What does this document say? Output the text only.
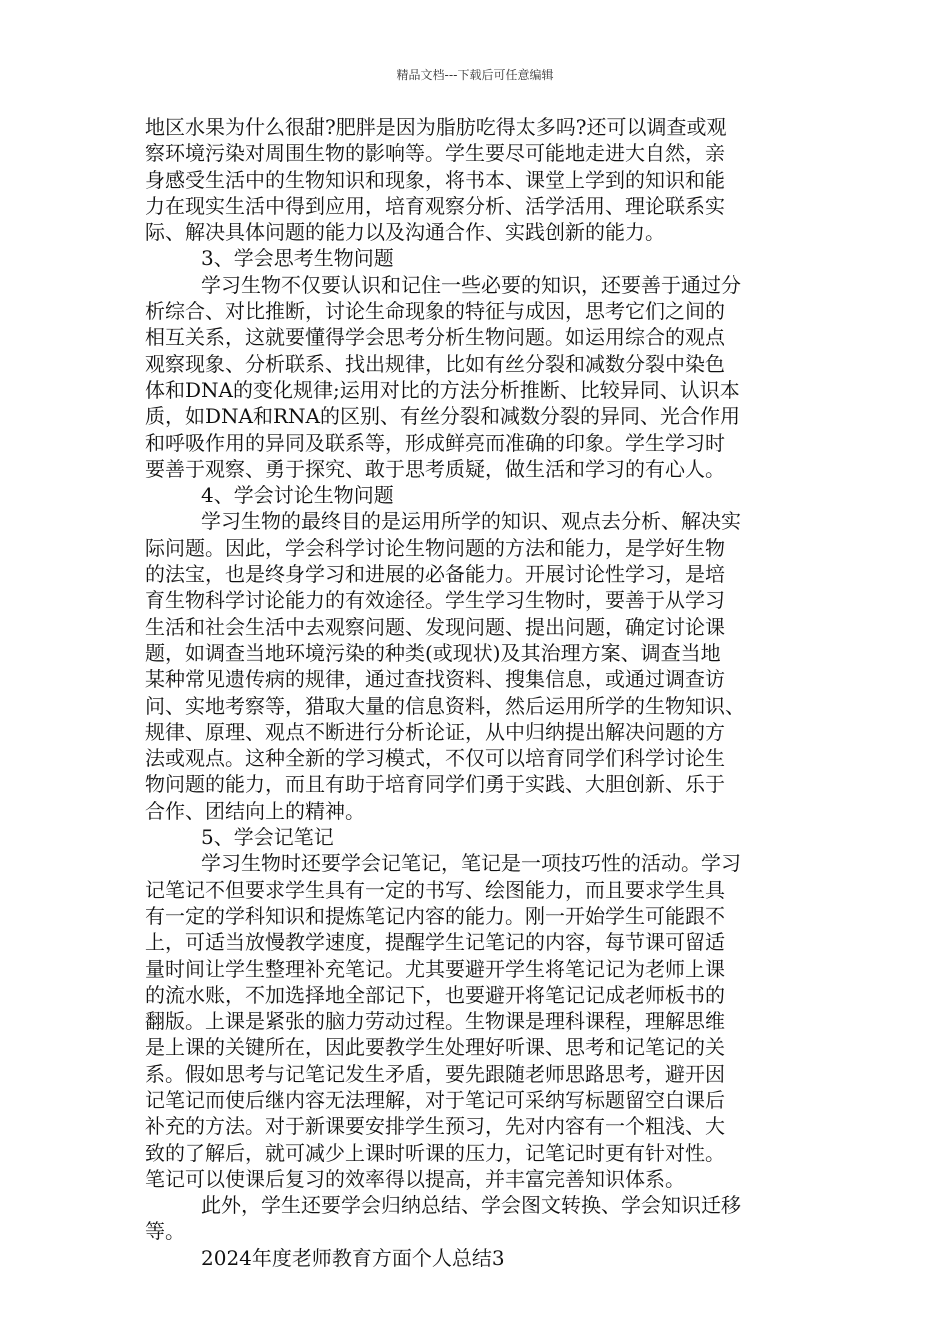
精品文档---下载后可任意编辑
地区水果为什么很甜?肥胖是因为脂肪吃得太多吗?还可以调查或观
察环境污染对周围生物的影响等。学生要尽可能地走进大自然，亲
身感受生活中的生物知识和现象，将书本、课堂上学到的知识和能
力在现实生活中得到应用，培育观察分析、活学活用、理论联系实
际、解决具体问题的能力以及沟通合作、实践创新的能力。
3、学会思考生物问题
学习生物不仅要认识和记住一些必要的知识，还要善于通过分
析综合、对比推断，讨论生命现象的特征与成因，思考它们之间的
相互关系，这就要懂得学会思考分析生物问题。如运用综合的观点
观察现象、分析联系、找出规律，比如有丝分裂和减数分裂中染色
体和DNA的变化规律;运用对比的方法分析推断、比较异同、认识本
质，如DNA和RNA的区别、有丝分裂和减数分裂的异同、光合作用
和呼吸作用的异同及联系等，形成鲜亮而准确的印象。学生学习时
要善于观察、勇于探究、敢于思考质疑，做生活和学习的有心人。
4、学会讨论生物问题
学习生物的最终目的是运用所学的知识、观点去分析、解决实
际问题。因此，学会科学讨论生物问题的方法和能力，是学好生物
的法宝，也是终身学习和进展的必备能力。开展讨论性学习，是培
育生物科学讨论能力的有效途径。学生学习生物时，要善于从学习
生活和社会生活中去观察问题、发现问题、提出问题，确定讨论课
题，如调查当地环境污染的种类(或现状)及其治理方案、调查当地
某种常见遗传病的规律，通过查找资料、搜集信息，或通过调查访
问、实地考察等，猎取大量的信息资料，然后运用所学的生物知识、
规律、原理、观点不断进行分析论证，从中归纳提出解决问题的方
法或观点。这种全新的学习模式，不仅可以培育同学们科学讨论生
物问题的能力，而且有助于培育同学们勇于实践、大胆创新、乐于
合作、团结向上的精神。
5、学会记笔记
学习生物时还要学会记笔记，笔记是一项技巧性的活动。学习
记笔记不但要求学生具有一定的书写、绘图能力，而且要求学生具
有一定的学科知识和提炼笔记内容的能力。刚一开始学生可能跟不
上，可适当放慢教学速度，提醒学生记笔记的内容，每节课可留适
量时间让学生整理补充笔记。尤其要避开学生将笔记记为老师上课
的流水账，不加选择地全部记下，也要避开将笔记记成老师板书的
翻版。上课是紧张的脑力劳动过程。生物课是理科课程，理解思维
是上课的关键所在，因此要教学生处理好听课、思考和记笔记的关
系。假如思考与记笔记发生矛盾，要先跟随老师思路思考，避开因
记笔记而使后继内容无法理解，对于笔记可采纳写标题留空白课后
补充的方法。对于新课要安排学生预习，先对内容有一个粗浅、大
致的了解后，就可减少上课时听课的压力，记笔记时更有针对性。
笔记可以使课后复习的效率得以提高，并丰富完善知识体系。
此外，学生还要学会归纳总结、学会图文转换、学会知识迁移
等。
2024年度老师教育方面个人总结3
